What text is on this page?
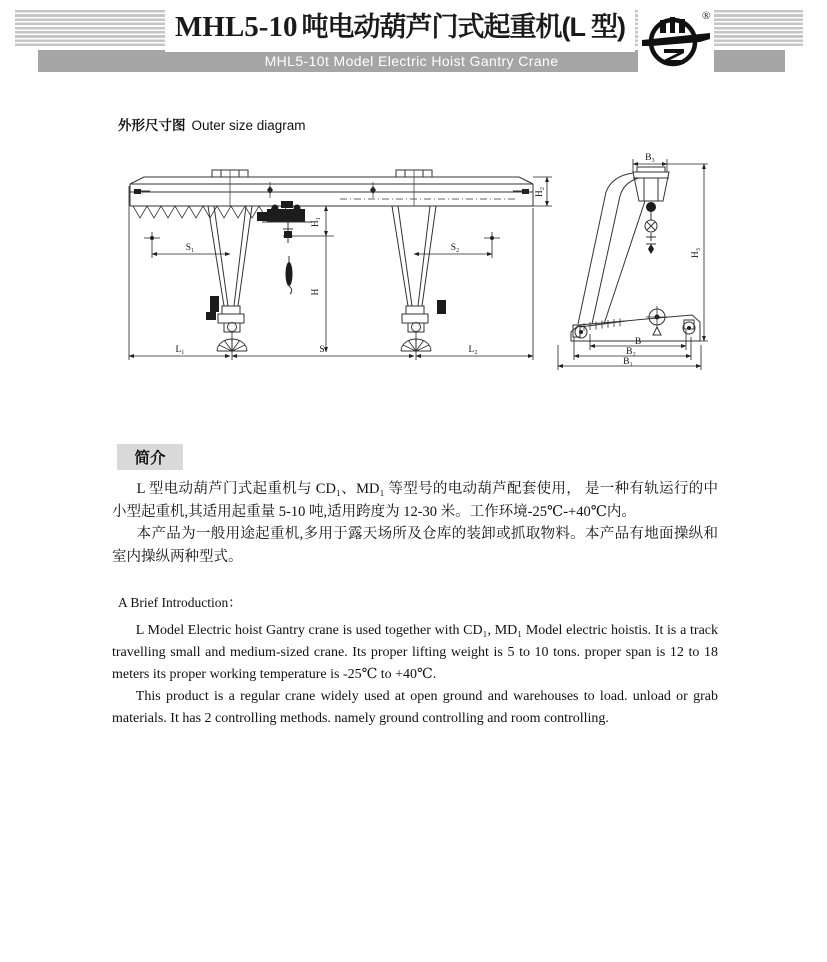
MHL5-10t Model Electric Hoist Gantry Crane
MHL5-10 吨电动葫芦门式起重机(L 型)	®
外形尺寸图 Outer size diagram
S₁	S₂
H₁
H
H₂
L₁	S	L₂
B₃
H₃
B
B₂
B₁
简介

L 型电动葫芦门式起重机与 CD₁、MD₁ 等型号的电动葫芦配套使用， 是一种有轨运行的中小型起重机,其适用起重量 5-10 吨,适用跨度为 12-30 米。工作环境-25℃-+40℃内。

本产品为一般用途起重机,多用于露天场所及仓库的装卸或抓取物料。本产品有地面操纵和室内操纵两种型式。

A Brief Introduction：

L Model Electric hoist Gantry crane is used together with CD₁, MD₁ Model electric hoistis. It is a track travelling small and medium-sized crane. Its proper lifting weight is 5 to 10 tons. proper span is 12 to 18 meters its proper working temperature is -25℃ to +40℃.

This product is a regular crane widely used at open ground and warehouses to load. unload or grab materials. It has 2 controlling methods. namely ground controlling and room controlling.
